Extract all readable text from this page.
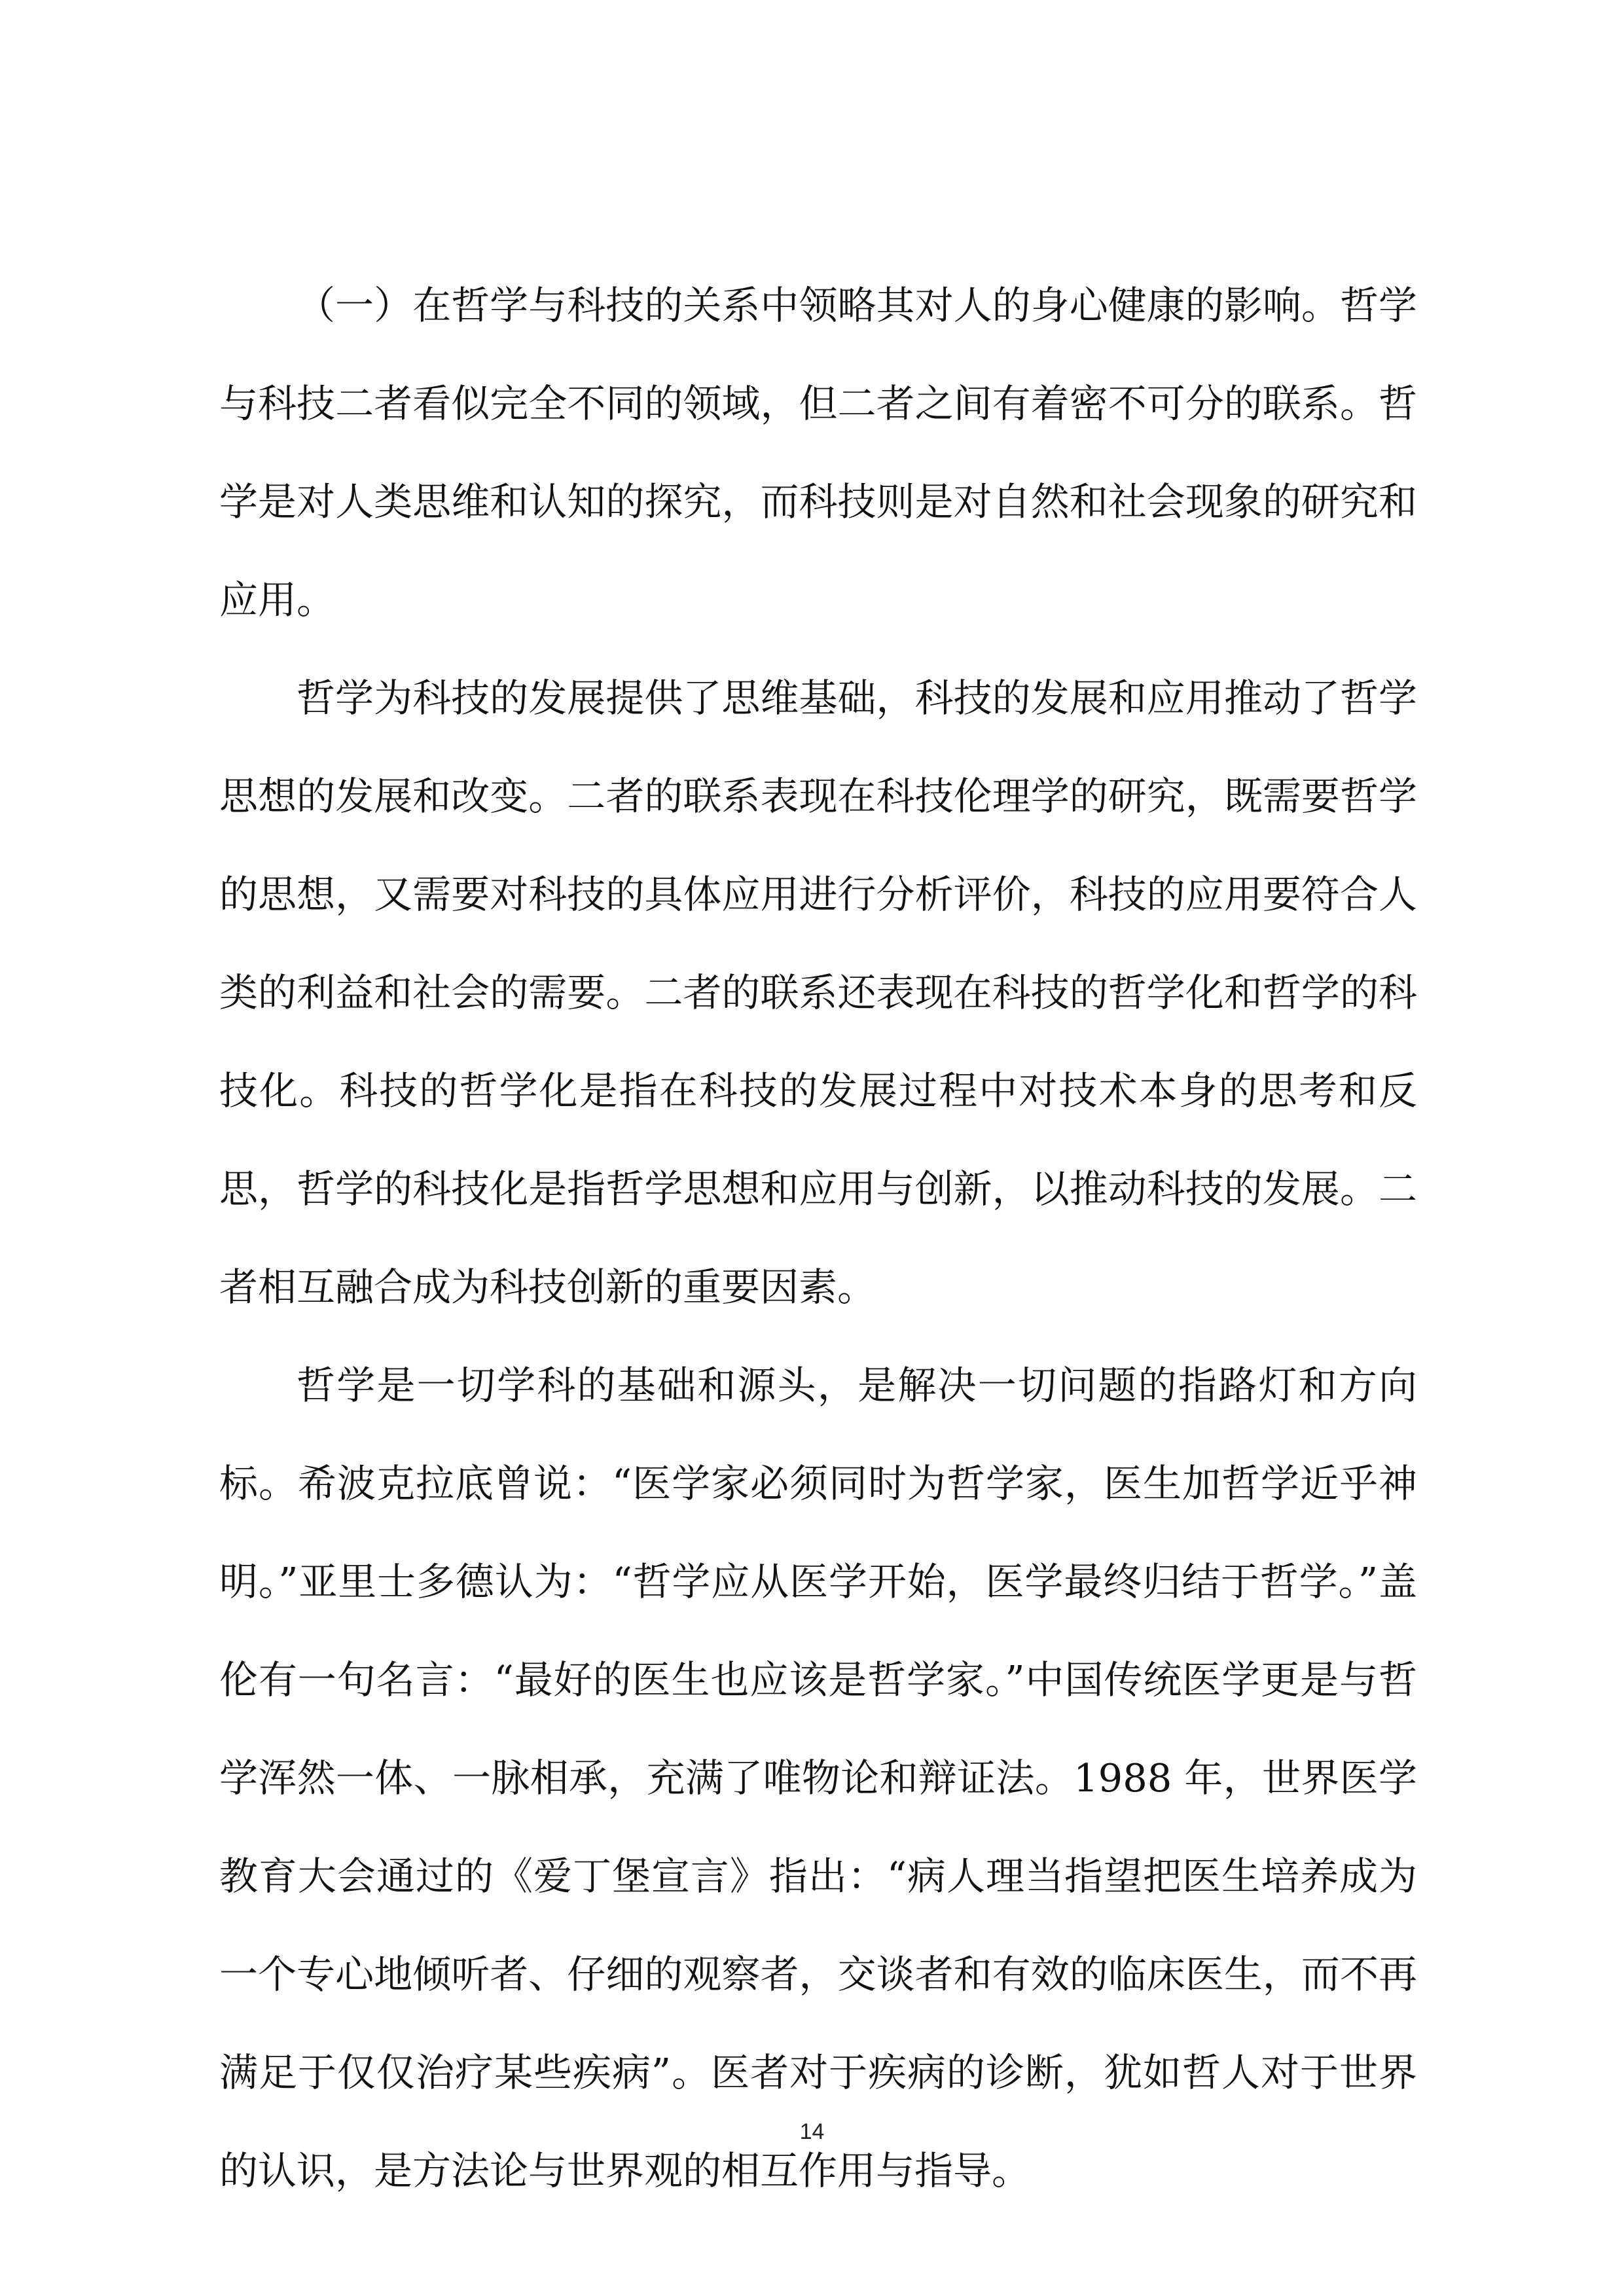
（一）在哲学与科技的关系中领略其对人的身心健康的影响。哲学与科技二者看似完全不同的领域，但二者之间有着密不可分的联系。哲学是对人类思维和认知的探究，而科技则是对自然和社会现象的研究和应用。

哲学为科技的发展提供了思维基础，科技的发展和应用推动了哲学思想的发展和改变。二者的联系表现在科技伦理学的研究，既需要哲学的思想，又需要对科技的具体应用进行分析评价，科技的应用要符合人类的利益和社会的需要。二者的联系还表现在科技的哲学化和哲学的科技化。科技的哲学化是指在科技的发展过程中对技术本身的思考和反思，哲学的科技化是指哲学思想和应用与创新，以推动科技的发展。二者相互融合成为科技创新的重要因素。

哲学是一切学科的基础和源头，是解决一切问题的指路灯和方向标。希波克拉底曾说：“医学家必须同时为哲学家，医生加哲学近乎神明。”亚里士多德认为：“哲学应从医学开始，医学最终归结于哲学。”盖伦有一句名言：“最好的医生也应该是哲学家。”中国传统医学更是与哲学浑然一体、一脉相承，充满了唯物论和辩证法。1988 年，世界医学教育大会通过的《爱丁堡宣言》指出：“病人理当指望把医生培养成为一个专心地倾听者、仔细的观察者，交谈者和有效的临床医生，而不再满足于仅仅治疗某些疾病”。医者对于疾病的诊断，犹如哲人对于世界的认识，是方法论与世界观的相互作用与指导。

14
